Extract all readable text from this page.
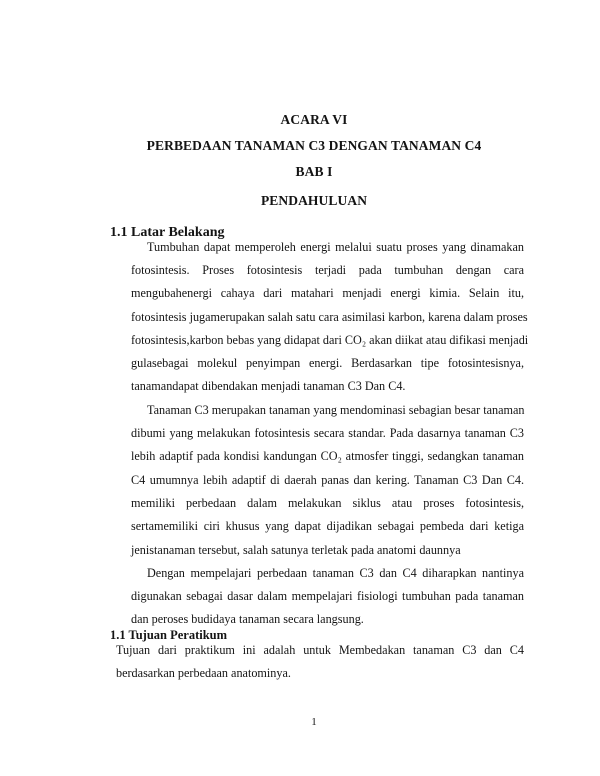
ACARA VI
PERBEDAAN TANAMAN C3 DENGAN TANAMAN C4
BAB I
PENDAHULUAN
1.1 Latar Belakang
Tumbuhan dapat memperoleh energi melalui suatu proses yang dinamakan
fotosintesis. Proses fotosintesis terjadi pada tumbuhan dengan cara
mengubahenergi cahaya dari matahari menjadi energi kimia. Selain itu,
fotosintesis jugamerupakan salah satu cara asimilasi karbon, karena dalam proses
fotosintesis,karbon bebas yang didapat dari CO₂ akan diikat atau difikasi menjadi
gulasebagai molekul penyimpan energi. Berdasarkan tipe fotosintesisnya,
tanamandapat dibendakan menjadi tanaman C3 Dan C4.
Tanaman C3 merupakan tanaman yang mendominasi sebagian besar tanaman
dibumi yang melakukan fotosintesis secara standar. Pada dasarnya tanaman C3
lebih adaptif pada kondisi kandungan CO₂ atmosfer tinggi, sedangkan tanaman
C4 umumnya lebih adaptif di daerah panas dan kering. Tanaman C3 Dan C4.
memiliki perbedaan dalam melakukan siklus atau proses fotosintesis,
sertamemiliki ciri khusus yang dapat dijadikan sebagai pembeda dari ketiga
jenistanaman tersebut, salah satunya terletak pada anatomi daunnya
Dengan mempelajari perbedaan tanaman C3 dan C4 diharapkan nantinya
digunakan sebagai dasar dalam mempelajari fisiologi tumbuhan pada tanaman
dan peroses budidaya tanaman secara langsung.
1.1 Tujuan Peratikum
Tujuan dari praktikum ini adalah untuk Membedakan tanaman C3 dan C4
berdasarkan perbedaan anatominya.
1
